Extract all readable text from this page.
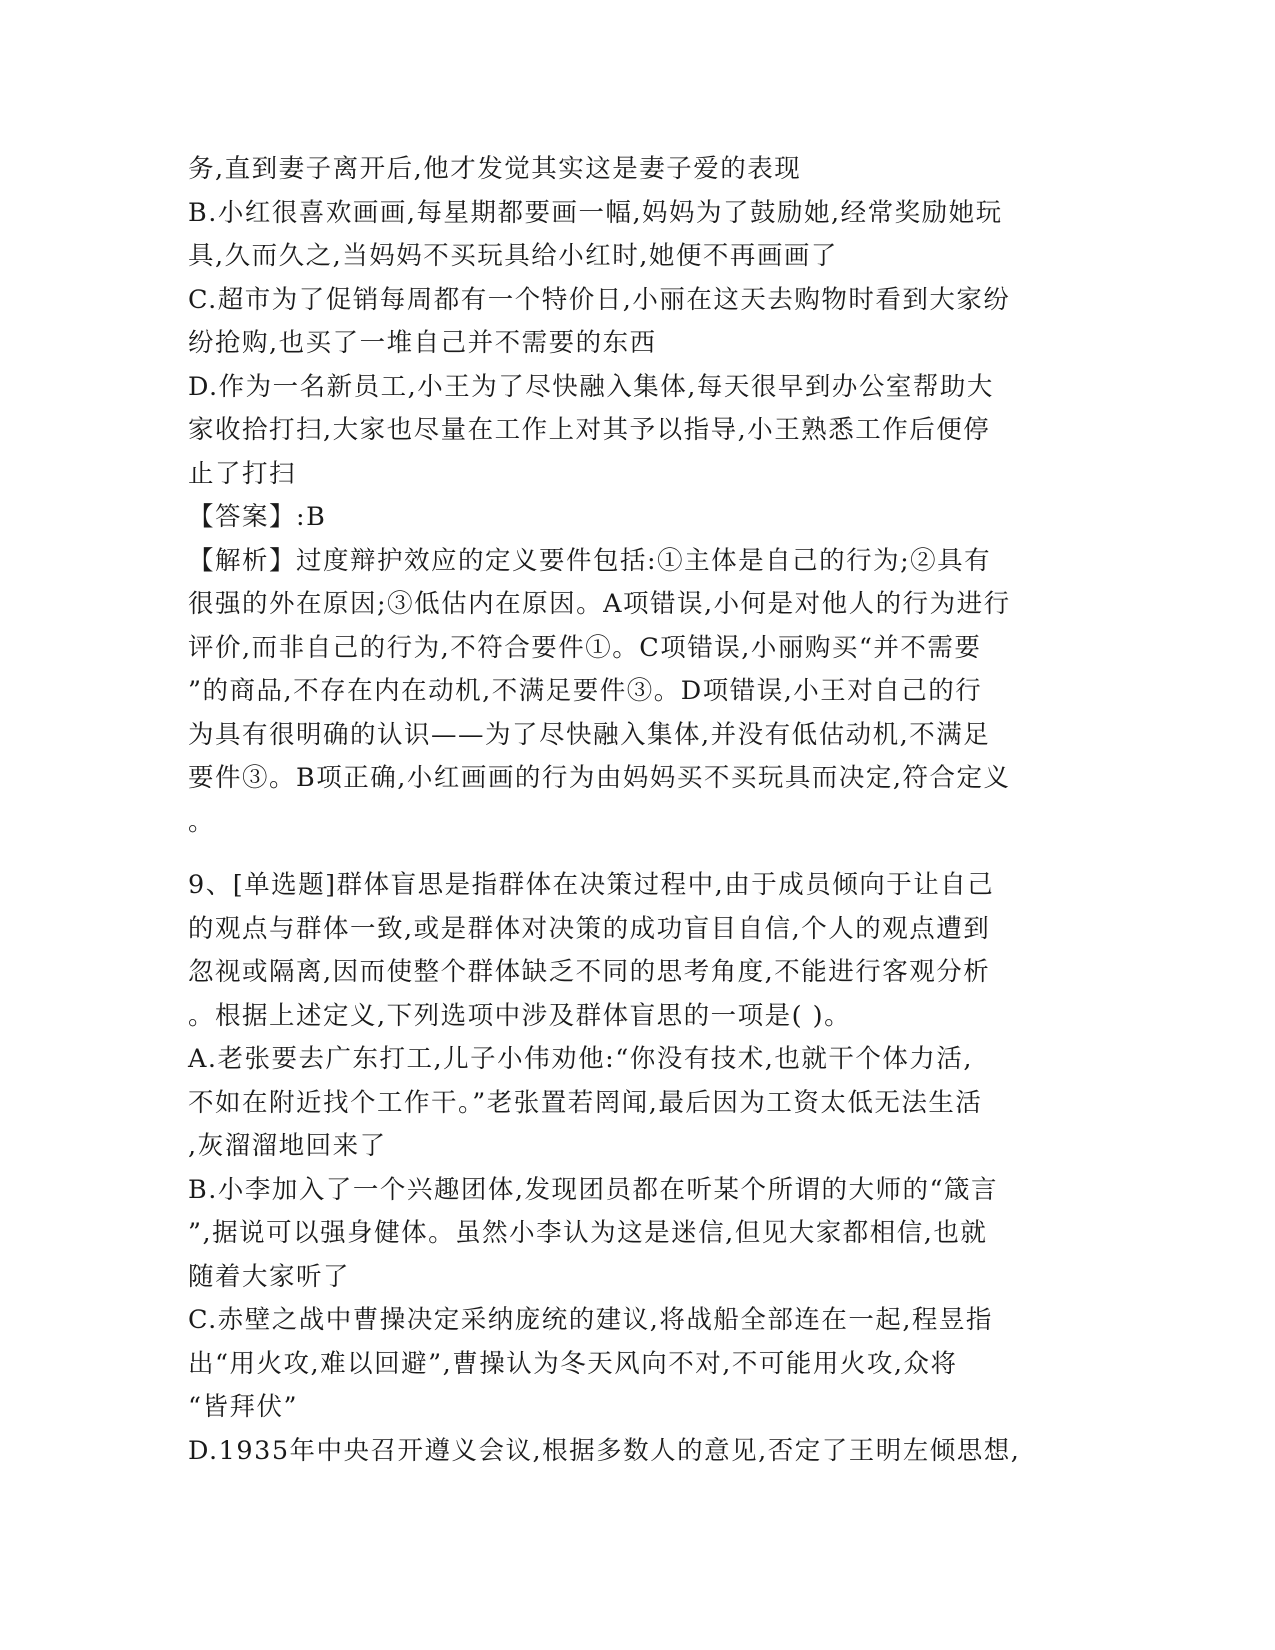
务,直到妻子离开后,他才发觉其实这是妻子爱的表现
B.小红很喜欢画画,每星期都要画一幅,妈妈为了鼓励她,经常奖励她玩
具,久而久之,当妈妈不买玩具给小红时,她便不再画画了
C.超市为了促销每周都有一个特价日,小丽在这天去购物时看到大家纷
纷抢购,也买了一堆自己并不需要的东西
D.作为一名新员工,小王为了尽快融入集体,每天很早到办公室帮助大
家收拾打扫,大家也尽量在工作上对其予以指导,小王熟悉工作后便停
止了打扫
【答案】:B
【解析】过度辩护效应的定义要件包括:①主体是自己的行为;②具有
很强的外在原因;③低估内在原因。A项错误,小何是对他人的行为进行
评价,而非自己的行为,不符合要件①。C项错误,小丽购买“并不需要
”的商品,不存在内在动机,不满足要件③。D项错误,小王对自己的行
为具有很明确的认识——为了尽快融入集体,并没有低估动机,不满足
要件③。B项正确,小红画画的行为由妈妈买不买玩具而决定,符合定义
。
9、[单选题]群体盲思是指群体在决策过程中,由于成员倾向于让自己
的观点与群体一致,或是群体对决策的成功盲目自信,个人的观点遭到
忽视或隔离,因而使整个群体缺乏不同的思考角度,不能进行客观分析
。根据上述定义,下列选项中涉及群体盲思的一项是( )。
A.老张要去广东打工,儿子小伟劝他:“你没有技术,也就干个体力活,
不如在附近找个工作干。”老张置若罔闻,最后因为工资太低无法生活
,灰溜溜地回来了
B.小李加入了一个兴趣团体,发现团员都在听某个所谓的大师的“箴言
”,据说可以强身健体。虽然小李认为这是迷信,但见大家都相信,也就
随着大家听了
C.赤壁之战中曹操决定采纳庞统的建议,将战船全部连在一起,程昱指
出“用火攻,难以回避”,曹操认为冬天风向不对,不可能用火攻,众将
“皆拜伏”
D.1935年中央召开遵义会议,根据多数人的意见,否定了王明左倾思想,
